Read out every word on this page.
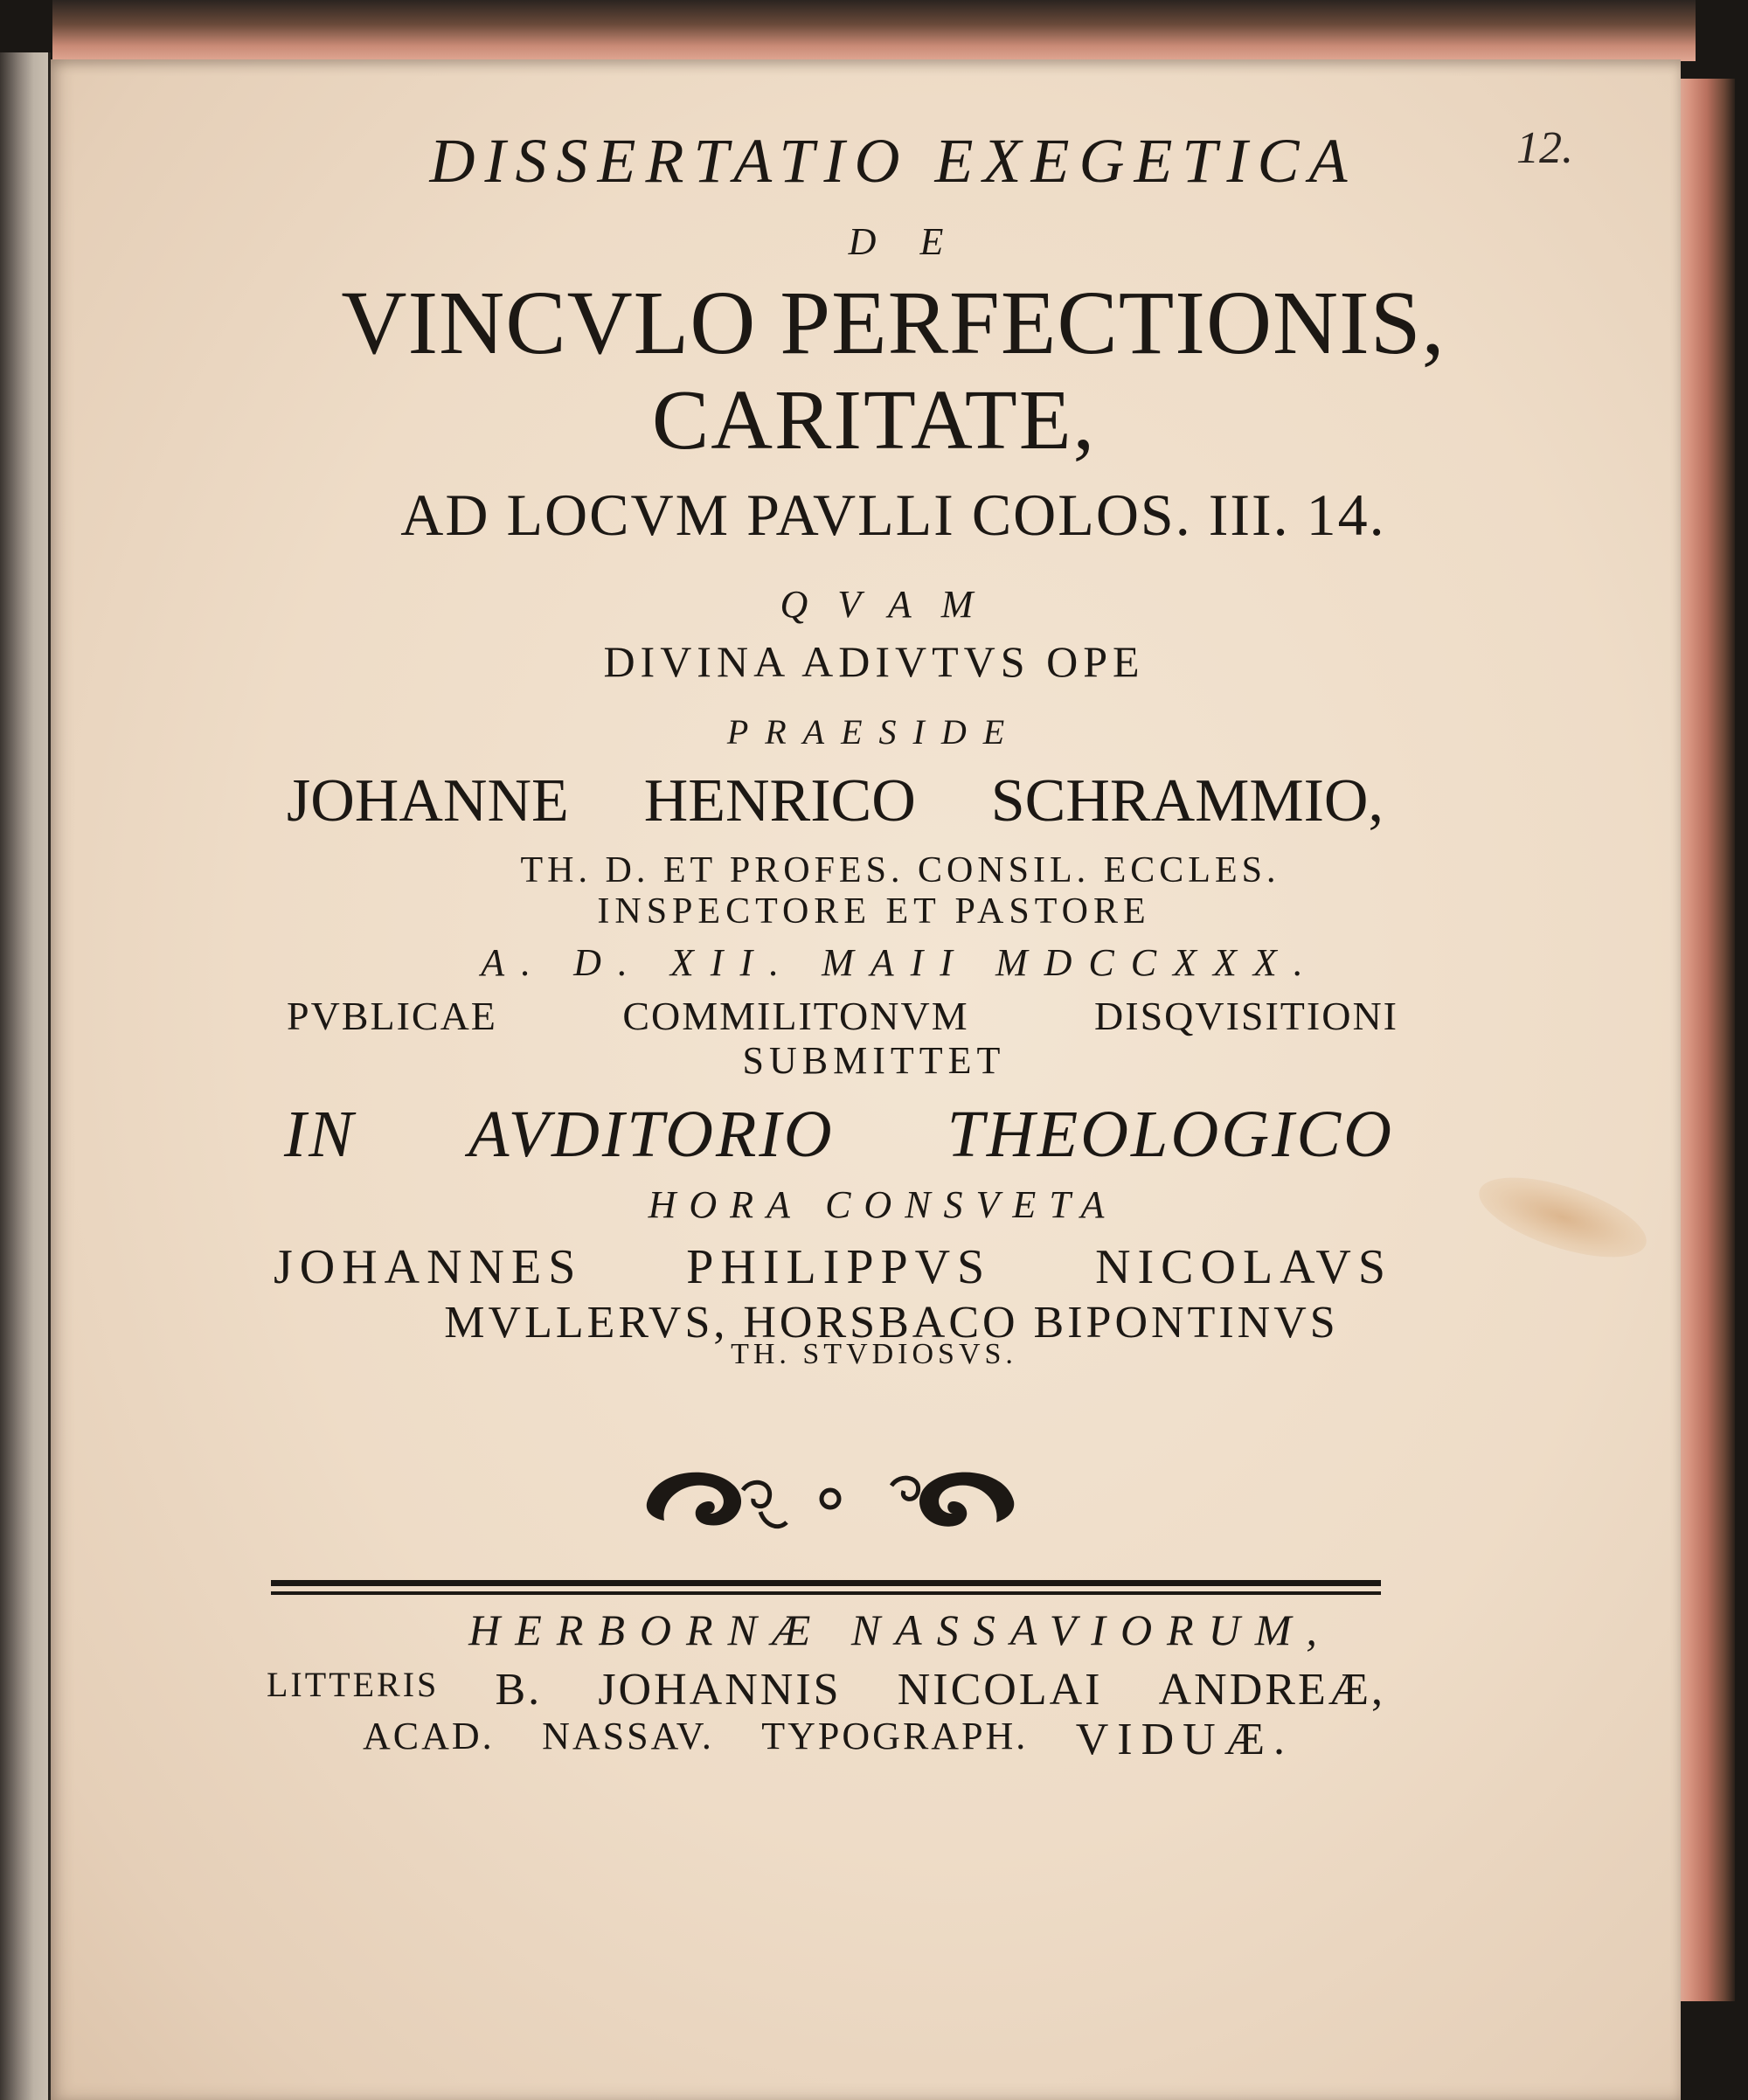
12.
DISSERTATIO EXEGETICA
DE
VINCVLO PERFECTIONIS,
CARITATE,
AD LOCVM PAVLLI COLOS. III. 14.
QVAM
DIVINA ADIVTVS OPE
PRAESIDE
JOHANNE HENRICO SCHRAMMIO,
TH. D. ET PROFES. CONSIL. ECCLES.
INSPECTORE ET PASTORE
A. D. XII. MAII MDCCXXX.
PVBLICAE	COMMILITONVM	DISQVISITIONI
SUBMITTET
IN AVDITORIO THEOLOGICO
HORA CONSVETA
JOHANNES PHILIPPVS NICOLAVS
MVLLERVS, HORSBACO BIPONTINVS
TH. STVDIOSVS.
HERBORNÆ NASSAVIORUM,
LITTERIS B. JOHANNIS NICOLAI ANDREÆ,
ACAD. NASSAV. TYPOGRAPH. VIDUÆ.
